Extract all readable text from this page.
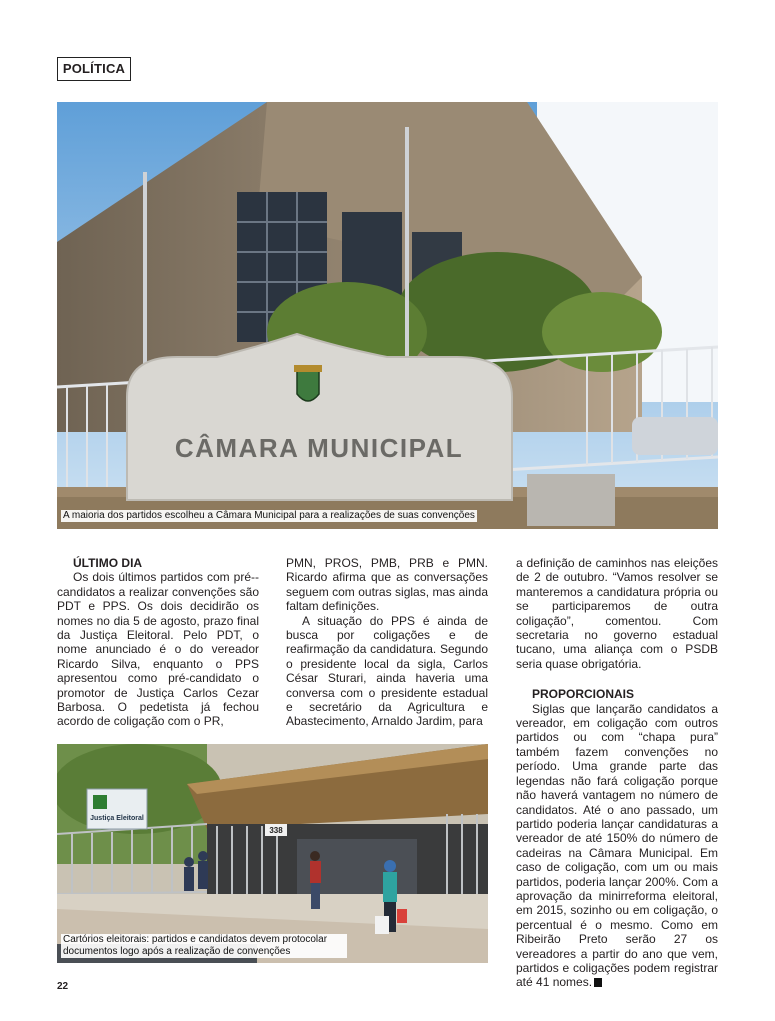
POLÍTICA
CÂMARA MUNICIPAL
A maioria dos partidos escolheu a Câmara Municipal para a realizações de suas convenções
ÚLTIMO DIA

Os dois últimos partidos com pré--candidatos a realizar convenções são PDT e PPS. Os dois decidirão os nomes no dia 5 de agosto, prazo final da Justiça Eleitoral. Pelo PDT, o nome anunciado é o do vereador Ricardo Silva, enquanto o PPS apresentou como pré-candidato o promotor de Justiça Carlos Cezar Barbosa. O pedetista já fechou acordo de coligação com o PR,

PMN, PROS, PMB, PRB e PMN. Ricardo afirma que as conversações seguem com outras siglas, mas ainda faltam definições.

A situação do PPS é ainda de busca por coligações e de reafirmação da candidatura. Segundo o presidente local da sigla, Carlos César Sturari, ainda haveria uma conversa com o presidente estadual e secretário da Agricultura e Abastecimento, Arnaldo Jardim, para

a definição de caminhos nas eleições de 2 de outubro. “Vamos resolver se manteremos a candidatura própria ou se participaremos de outra coligação”, comentou. Com secretaria no governo estadual tucano, uma aliança com o PSDB seria quase obrigatória.

PROPORCIONAIS

Siglas que lançarão candidatos a vereador, em coligação com outros partidos ou com “chapa pura” também fazem convenções no período. Uma grande parte das legendas não fará coligação porque não haverá vantagem no número de candidatos. Até o ano passado, um partido poderia lançar candidaturas a vereador de até 150% do número de cadeiras na Câmara Municipal. Em caso de coligação, com um ou mais partidos, poderia lançar 200%. Com a aprovação da minirreforma eleitoral, em 2015, sozinho ou em coligação, o percentual é o mesmo. Como em Ribeirão Preto serão 27 os vereadores a partir do ano que vem, partidos e coligações podem registrar até 41 nomes.

Justiça Eleitoral
338
Cartórios eleitorais: partidos e candidatos devem protocolar documentos logo após a realização de convenções
22
